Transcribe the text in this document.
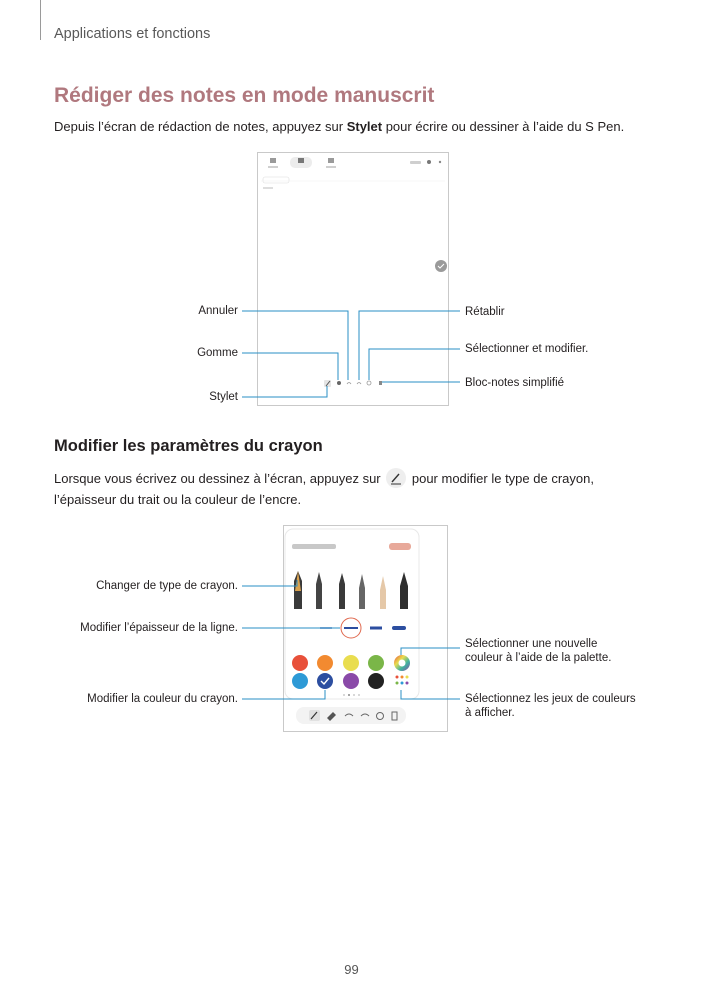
Applications et fonctions
Rédiger des notes en mode manuscrit
Depuis l’écran de rédaction de notes, appuyez sur Stylet pour écrire ou dessiner à l’aide du S Pen.
Annuler
Gomme
Stylet
Rétablir
Sélectionner et modifier.
Bloc-notes simplifié
Modifier les paramètres du crayon
Lorsque vous écrivez ou dessinez à l’écran, appuyez sur  pour modifier le type de crayon, l’épaisseur du trait ou la couleur de l’encre.
Changer de type de crayon.
Modifier l’épaisseur de la ligne.
Modifier la couleur du crayon.
Sélectionner une nouvelle
couleur à l’aide de la palette.
Sélectionnez les jeux de couleurs
à afficher.
99
